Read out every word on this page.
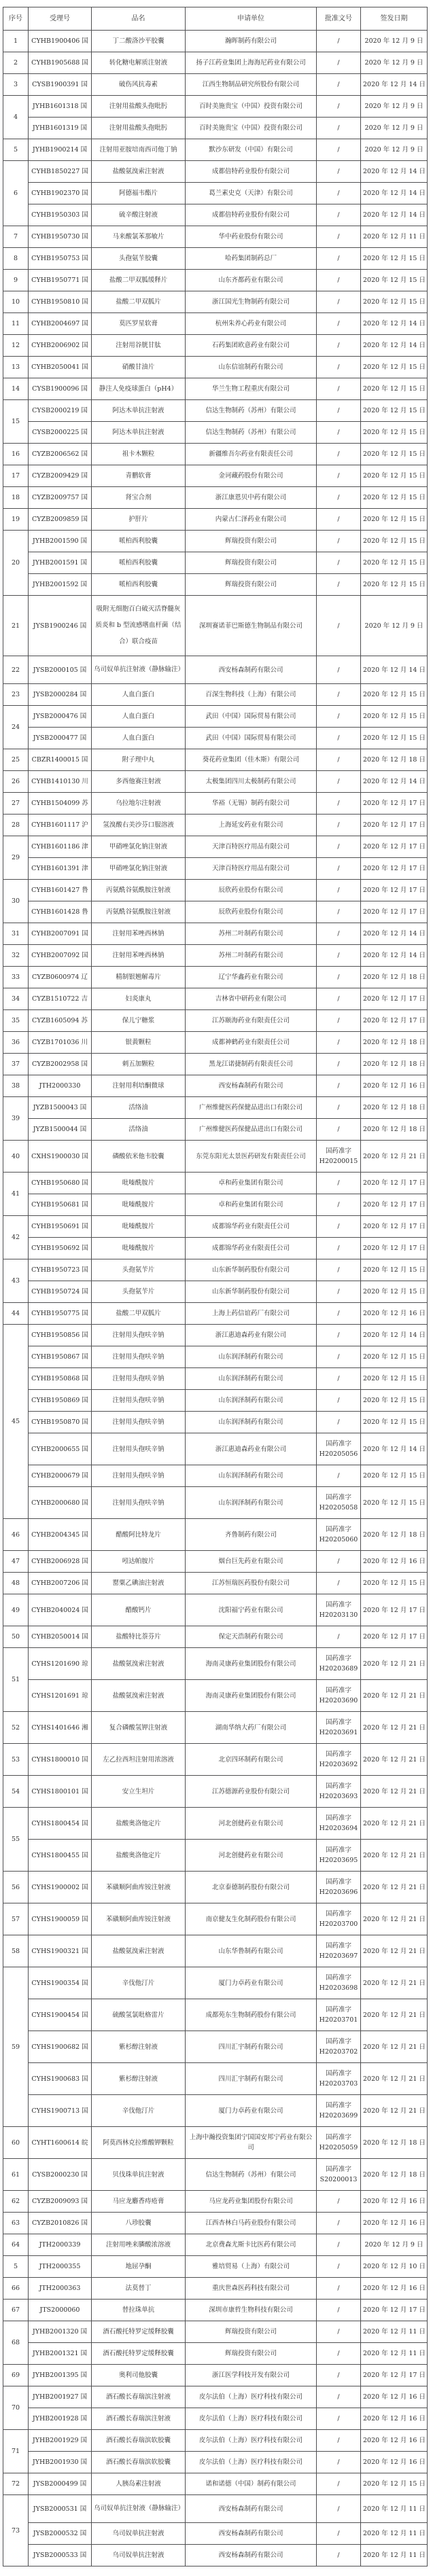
序号	受理号	品名	申请单位	批准文号	签发日期
1	CYHB1900406 国	丁二酸洛沙平胶囊	瀚晖制药有限公司	/	2020 年 12 月 9 日
2	CYHB1905688 国	转化糖电解质注射液	扬子江药业集团上海海尼药业有限公司	/	2020 年 12 月 9 日
3	CYSB1900391 国	破伤风抗毒素	江西生物制品研究所股份有限公司	/	2020 年 12 月 14 日
4	JYHB1601318 国	注射用盐酸头孢吡肟	百时美施贵宝（中国）投资有限公司	/	2020 年 12 月 9 日
	JYHB1601319 国	注射用盐酸头孢吡肟	百时美施贵宝（中国）投资有限公司	/	2020 年 12 月 9 日
5	JYHB1900214 国	注射用亚胺培南西司他丁钠	默沙东研发（中国）有限公司	/	2020 年 12 月 9 日
6	CYHB1850227 国	盐酸氨溴索注射液	成都倍特药业股份有限公司	/	2020 年 12 月 14 日
	CYHB1902370 国	阿德福韦酯片	葛兰素史克（天津）有限公司	/	2020 年 12 月 14 日
	CYHB1950303 国	硫辛酸注射液	成都倍特药业股份有限公司	/	2020 年 12 月 14 日
7	CYHB1950730 国	马来酸氯苯那敏片	华中药业股份有限公司	/	2020 年 12 月 11 日
8	CYHB1950753 国	头孢氨苄胶囊	哈药集团制药总厂	/	2020 年 12 月 15 日
9	CYHB1950771 国	盐酸二甲双胍缓释片	山东齐都药业有限公司	/	2020 年 12 月 15 日
10	CYHB1950810 国	盐酸二甲双胍片	浙江国光生物制药有限公司	/	2020 年 12 月 15 日
11	CYHB2004697 国	莫匹罗星软膏	杭州朱养心药业有限公司	/	2020 年 12 月 14 日
12	CYHB2006902 国	注射用谷胱甘肽	石药集团欧意药业有限公司	/	2020 年 12 月 14 日
13	CYHB2050041 国	硝酸甘油片	山东信谊制药有限公司	/	2020 年 12 月 15 日
14	CYSB1900096 国	静注人免疫球蛋白（pH4）	华兰生物工程重庆有限公司	/	2020 年 12 月 15 日
15	CYSB2000219 国	阿达木单抗注射液	信达生物制药（苏州）有限公司	/	2020 年 12 月 15 日
	CYSB2000225 国	阿达木单抗注射液	信达生物制药（苏州）有限公司	/	2020 年 12 月 15 日
16	CYZB2006562 国	祖卡木颗粒	新疆维吾尔药业有限责任公司	/	2020 年 12 月 15 日
17	CYZB2009429 国	青鹏软膏	金诃藏药股份有限公司	/	2020 年 12 月 15 日
18	CYZB2009757 国	肾宝合剂	浙江康恩贝中药有限公司	/	2020 年 12 月 15 日
19	CYZB2009859 国	护肝片	内蒙古仁泽药业有限公司	/	2020 年 12 月 15 日
20	JYHB2001590 国	哌柏西利胶囊	辉瑞投资有限公司	/	2020 年 12 月 15 日
	JYHB2001591 国	哌柏西利胶囊	辉瑞投资有限公司	/	2020 年 12 月 15 日
	JYHB2001592 国	哌柏西利胶囊	辉瑞投资有限公司	/	2020 年 12 月 15 日
21	JYSB1900246 国	吸附无细胞百白破灭活脊髓灰质炎和 b 型流感嗜血杆菌（结合）联合疫苗	深圳赛诺菲巴斯德生物制品有限公司	/	2020 年 12 月 9 日
22	JYSB2000105 国	乌司奴单抗注射液（静脉输注）	西安杨森制药有限公司	/	2020 年 12 月 14 日
23	JYSB2000284 国	人血白蛋白	百深生物科技（上海）有限公司	/	2020 年 12 月 15 日
24	JYSB2000476 国	人血白蛋白	武田（中国）国际贸易有限公司	/	2020 年 12 月 15 日
	JYSB2000477 国	人血白蛋白	武田（中国）国际贸易有限公司	/	2020 年 12 月 15 日
25	CBZR1400015 国	附子理中丸	葵花药业集团（佳木斯）有限公司	/	2020 年 12 月 18 日
26	CYHB1410130 川	多西他赛注射液	太极集团四川太极制药有限公司	/	2020 年 12 月 14 日
27	CYHB1504099 苏	乌拉地尔注射液	华裕（无锡）制药有限公司	/	2020 年 12 月 17 日
28	CYHB1601117 沪	氢溴酸右美沙芬口服溶液	上海延安药业有限公司	/	2020 年 12 月 17 日
29	CYHB1601186 津	甲硝唑氯化钠注射液	天津百特医疗用品有限公司	/	2020 年 12 月 17 日
	CYHB1601391 津	甲硝唑氯化钠注射液	天津百特医疗用品有限公司	/	2020 年 12 月 17 日
30	CYHB1601427 鲁	丙氨酰谷氨酰胺注射液	辰欣药业股份有限公司	/	2020 年 12 月 17 日
	CYHB1601428 鲁	丙氨酰谷氨酰胺注射液	辰欣药业股份有限公司	/	2020 年 12 月 17 日
31	CYHB2007091 国	注射用苯唑西林钠	苏州二叶制药有限公司	/	2020 年 12 月 14 日
32	CYHB2007092 国	注射用苯唑西林钠	苏州二叶制药有限公司	/	2020 年 12 月 14 日
33	CYZB0600974 辽	精制银翘解毒片	辽宁华鑫药业有限公司	/	2020 年 12 月 18 日
34	CYZB1510722 吉	妇炎康丸	吉林省中研药业有限公司	/	2020 年 12 月 17 日
35	CYZB1605094 苏	保儿宁糖浆	江苏颐海药业有限责任公司	/	2020 年 12 月 17 日
36	CYZB1701036 川	银黄颗粒	成都神鹤药业有限责任公司	/	2020 年 12 月 18 日
37	CYZB2002958 国	刺五加颗粒	黑龙江诺捷制药有限责任公司	/	2020 年 12 月 18 日
38	JTH2000330	注射用利培酮微球	西安杨森制药有限公司	/	2020 年 12 月 16 日
39	JYZB1500043 国	活络油	广州维健医药保健品进出口有限公司	/	2020 年 12 月 18 日
	JYZB1500044 国	活络油	广州维健医药保健品进出口有限公司	/	2020 年 12 月 18 日
40	CXHS1900030 国	磷酸依米他韦胶囊	东莞东阳光太景医药研发有限责任公司	国药准字 H20200015	2020 年 12 月 21 日
41	CYHB1950680 国	吡嗪酰胺片	卓和药业集团有限公司	/	2020 年 12 月 17 日
	CYHB1950681 国	吡嗪酰胺片	卓和药业集团有限公司	/	2020 年 12 月 17 日
42	CYHB1950691 国	吡嗪酰胺片	成都锦华药业有限责任公司	/	2020 年 12 月 17 日
	CYHB1950692 国	吡嗪酰胺片	成都锦华药业有限责任公司	/	2020 年 12 月 17 日
43	CYHB1950723 国	头孢氨苄片	山东新华制药股份有限公司	/	2020 年 12 月 15 日
	CYHB1950724 国	头孢氨苄片	山东新华制药股份有限公司	/	2020 年 12 月 15 日
44	CYHB1950775 国	盐酸二甲双胍片	上海上药信谊药厂有限公司	/	2020 年 12 月 16 日
45	CYHB1950856 国	注射用头孢呋辛钠	浙江惠迪森药业有限公司	/	2020 年 12 月 14 日
	CYHB1950867 国	注射用头孢呋辛钠	山东润泽制药有限公司	/	2020 年 12 月 15 日
	CYHB1950868 国	注射用头孢呋辛钠	山东润泽制药有限公司	/	2020 年 12 月 15 日
	CYHB1950869 国	注射用头孢呋辛钠	山东润泽制药有限公司	/	2020 年 12 月 15 日
	CYHB1950870 国	注射用头孢呋辛钠	山东润泽制药有限公司	/	2020 年 12 月 15 日
	CYHB2000655 国	注射用头孢呋辛钠	浙江惠迪森药业有限公司	国药准字 H20205056	2020 年 12 月 14 日
	CYHB2000679 国	注射用头孢呋辛钠	山东润泽制药有限公司	/	2020 年 12 月 15 日
	CYHB2000680 国	注射用头孢呋辛钠	山东润泽制药有限公司	国药准字 H20205058	2020 年 12 月 15 日
46	CYHB2004345 国	醋酸阿比特龙片	齐鲁制药有限公司	国药准字 H20205060	2020 年 12 月 18 日
47	CYHB2006928 国	吲达帕胺片	烟台巨先药业有限公司	/	2020 年 12 月 16 日
48	CYHB2007206 国	罂粟乙碘油注射液	江苏恒瑞医药股份有限公司	/	2020 年 12 月 15 日
49	CYHB2040024 国	醋酸钙片	沈阳福宁药业有限公司	国药准字 H20203130	2020 年 12 月 17 日
50	CYHB2050014 国	盐酸特比萘芬片	保定天浩制药有限公司	/	2020 年 12 月 17 日
51	CYHS1201690 琼	盐酸氨溴索注射液	海南灵康药业集团股份有限公司	国药准字 H20203689	2020 年 12 月 21 日
	CYHS1201691 琼	盐酸氨溴索注射液	海南灵康药业集团股份有限公司	国药准字 H20203690	2020 年 12 月 21 日
52	CYHS1401646 湘	复合磷酸氢钾注射液	湖南华纳大药厂有限公司	国药准字 H20203691	2020 年 12 月 21 日
53	CYHS1800010 国	左乙拉西坦注射用浓溶液	北京四环制药有限公司	国药准字 H20203692	2020 年 12 月 21 日
54	CYHS1800101 国	安立生坦片	江苏德源药业股份有限公司	国药准字 H20203693	2020 年 12 月 21 日
55	CYHS1800454 国	盐酸奥洛他定片	河北创健药业有限公司	国药准字 H20203694	2020 年 12 月 21 日
	CYHS1800455 国	盐酸奥洛他定片	河北创健药业有限公司	国药准字 H20203695	2020 年 12 月 21 日
56	CYHS1900002 国	苯磺顺阿曲库铵注射液	北京泰德制药股份有限公司	国药准字 H20203696	2020 年 12 月 21 日
57	CYHS1900059 国	苯磺顺阿曲库铵注射液	南京健友生化制药股份有限公司	国药准字 H20203700	2020 年 12 月 21 日
58	CYHS1900321 国	盐酸氨溴索注射液	山东华鲁制药有限公司	国药准字 H20203697	2020 年 12 月 21 日
59	CYHS1900354 国	辛伐他汀片	厦门力卓药业有限公司	国药准字 H20203698	2020 年 12 月 21 日
	CYHS1900454 国	硫酸氢氯吡格雷片	成都苑东生物制药股份有限公司	国药准字 H20203701	2020 年 12 月 21 日
	CYHS1900682 国	紫杉醇注射液	四川汇宇制药有限公司	国药准字 H20203702	2020 年 12 月 21 日
	CYHS1900683 国	紫杉醇注射液	四川汇宇制药有限公司	国药准字 H20203703	2020 年 12 月 21 日
	CYHS1900713 国	辛伐他汀片	厦门力卓药业有限公司	国药准字 H20203699	2020 年 12 月 21 日
60	CYHT1600614 皖	阿莫西林克拉维酸钾颗粒	上海中瀚投资集团宁国国安邦宁药业有限公司	国药准字 H20205059	2020 年 12 月 18 日
61	CYSB2000230 国	贝伐珠单抗注射液	信达生物制药（苏州）有限公司	国药准字 S20200013	2020 年 12 月 18 日
62	CYZB2009093 国	马应龙麝香痔疮膏	马应龙药业集团股份有限公司	/	2020 年 12 月 16 日
63	CYZB2010826 国	八珍胶囊	江西杏林白马药业股份有限公司	/	2020 年 12 月 16 日
64	JTH2000339	注射用唑来膦酸浓溶液	北京费森尤斯卡比医药有限公司	/	2020 年 12 月 9 日
5	JTH2000355	地屈孕酮	雅培贸易（上海）有限公司	/	2020 年 12 月 10 日
66	JTH2000363	法莫替丁	重庆世森医药科技有限公司	/	2020 年 12 月 16 日
67	JTS2000060	替拉珠单抗	深圳市康哲生物科技有限公司	/	2020 年 12 月 17 日
68	JYHB2001320 国	酒石酸托特罗定缓释胶囊	辉瑞投资有限公司	/	2020 年 12 月 11 日
	JYHB2001321 国	酒石酸托特罗定缓释胶囊	辉瑞投资有限公司	/	2020 年 12 月 11 日
69	JYHB2001395 国	奥利司他胶囊	浙江医学科技开发有限公司	/	2020 年 12 月 17 日
70	JYHB2001927 国	酒石酸长春瑞滨注射液	皮尔法伯（上海）医疗科技有限公司	/	2020 年 12 月 16 日
	JYHB2001928 国	酒石酸长春瑞滨注射液	皮尔法伯（上海）医疗科技有限公司	/	2020 年 12 月 16 日
71	JYHB2001929 国	酒石酸长春瑞滨软胶囊	皮尔法伯（上海）医疗科技有限公司	/	2020 年 12 月 16 日
	JYHB2001930 国	酒石酸长春瑞滨软胶囊	皮尔法伯（上海）医疗科技有限公司	/	2020 年 12 月 16 日
72	JYSB2000499 国	人胰岛素注射液	诺和诺德（中国）制药有限公司	/	2020 年 12 月 15 日
73	JYSB2000531 国	乌司奴单抗注射液（静脉输注）	西安杨森制药有限公司	/	2020 年 12 月 11 日
	JYSB2000532 国	乌司奴单抗注射液	西安杨森制药有限公司	/	2020 年 12 月 11 日
	JYSB2000533 国	乌司奴单抗注射液	西安杨森制药有限公司	/	2020 年 12 月 11 日
